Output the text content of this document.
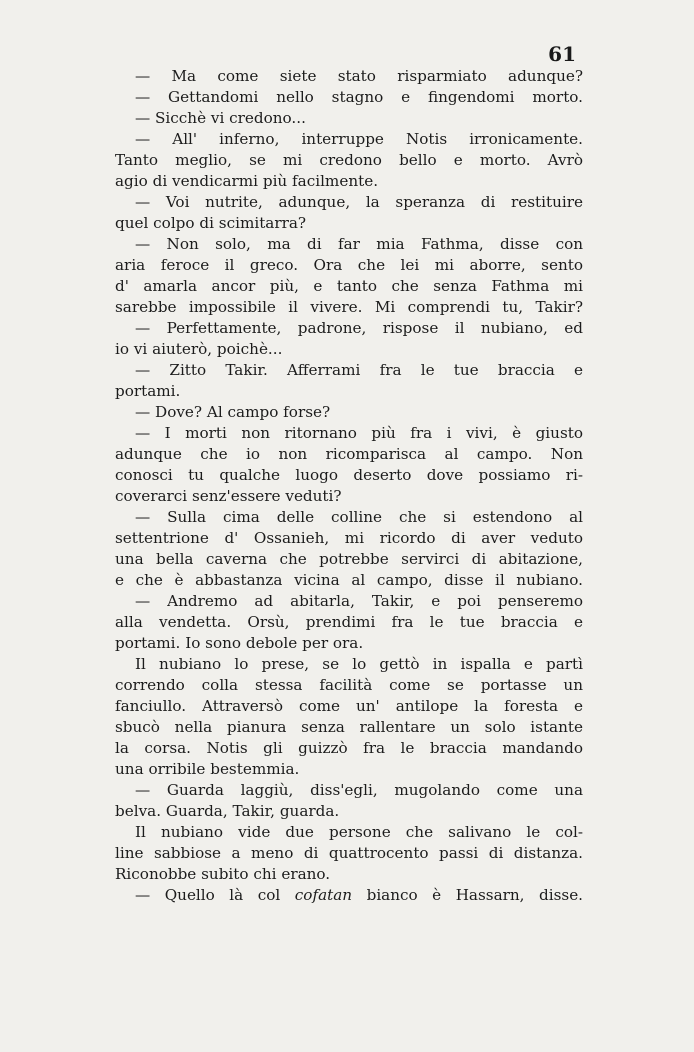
61
— Ma come siete stato risparmiato adunque?
— Gettandomi nello stagno e fingendomi morto.
— Sicchè vi credono...
— All' inferno, interruppe Notis irronicamente.
Tanto meglio, se mi credono bello e morto. Avrò
agio di vendicarmi più facilmente.
— Voi nutrite, adunque, la speranza di restituire
quel colpo di scimitarra?
— Non solo, ma di far mia Fathma, disse con
aria feroce il greco. Ora che lei mi aborre, sento
d' amarla ancor più, e tanto che senza Fathma mi
sarebbe impossibile il vivere. Mi comprendi tu, Takir?
— Perfettamente, padrone, rispose il nubiano, ed
io vi aiuterò, poichè...
— Zitto Takir. Afferrami fra le tue braccia e
portami.
— Dove? Al campo forse?
— I morti non ritornano più fra i vivi, è giusto
adunque che io non ricomparisca al campo. Non
conosci tu qualche luogo deserto dove possiamo ri-
coverarci senz'essere veduti?
— Sulla cima delle colline che si estendono al
settentrione d' Ossanieh, mi ricordo di aver veduto
una bella caverna che potrebbe servirci di abitazione,
e che è abbastanza vicina al campo, disse il nubiano.
— Andremo ad abitarla, Takir, e poi penseremo
alla vendetta. Orsù, prendimi fra le tue braccia e
portami. Io sono debole per ora.
Il nubiano lo prese, se lo gettò in ispalla e partì
correndo colla stessa facilità come se portasse un
fanciullo. Attraversò come un' antilope la foresta e
sbucò nella pianura senza rallentare un solo istante
la corsa. Notis gli guizzò fra le braccia mandando
una orribile bestemmia.
— Guarda laggiù, diss'egli, mugolando come una
belva. Guarda, Takir, guarda.
Il nubiano vide due persone che salivano le col-
line sabbiose a meno di quattrocento passi di distanza.
Riconobbe subito chi erano.
— Quello là col cofatan bianco è Hassarn, disse.
